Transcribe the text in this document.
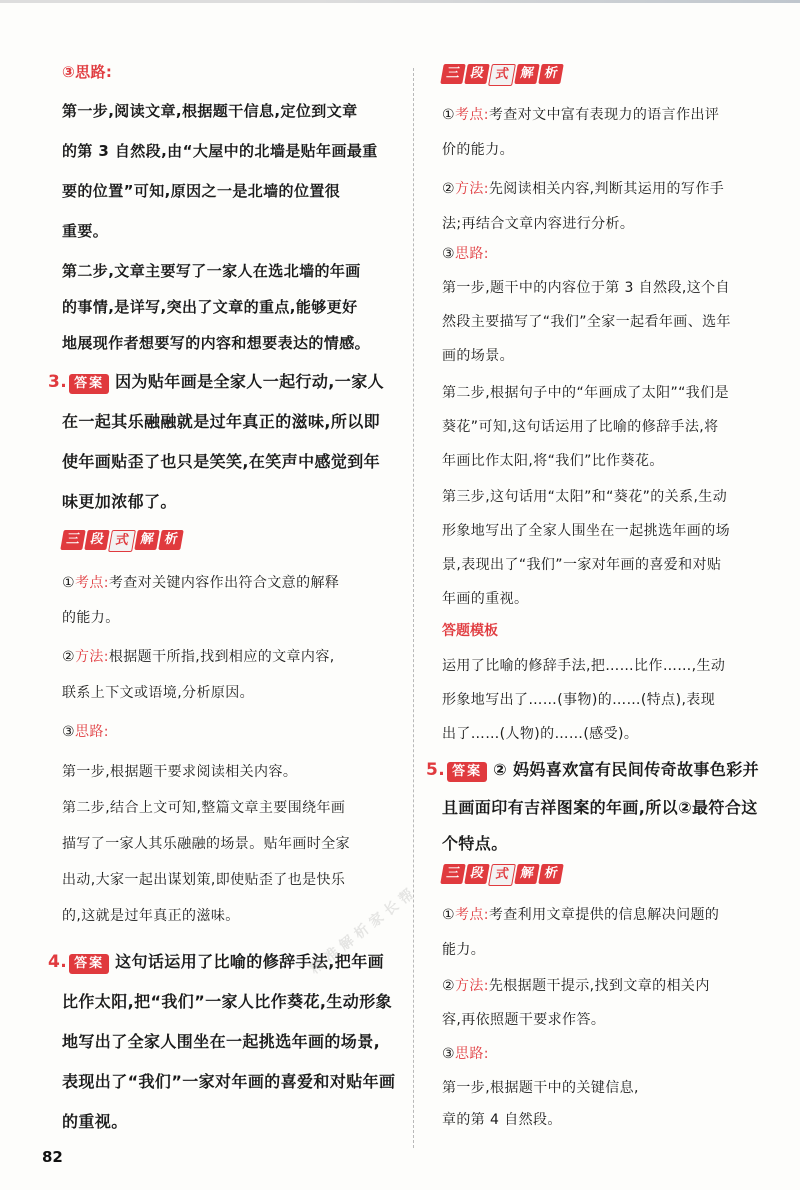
③思路:
第一步,阅读文章,根据题干信息,定位到文章
的第 3 自然段,由“大屋中的北墙是贴年画最重
要的位置”可知,原因之一是北墙的位置很
重要。
第二步,文章主要写了一家人在选北墙的年画
的事情,是详写,突出了文章的重点,能够更好
地展现作者想要写的内容和想要表达的情感。
3. 答案 因为贴年画是全家人一起行动,一家人
在一起其乐融融就是过年真正的滋味,所以即
使年画贴歪了也只是笑笑,在笑声中感觉到年
味更加浓郁了。
三 段 式 解 析
①考点:考查对关键内容作出符合文意的解释
的能力。
②方法:根据题干所指,找到相应的文章内容,
联系上下文或语境,分析原因。
③思路:
第一步,根据题干要求阅读相关内容。
第二步,结合上文可知,整篇文章主要围绕年画
描写了一家人其乐融融的场景。贴年画时全家
出动,大家一起出谋划策,即使贴歪了也是快乐
的,这就是过年真正的滋味。
4. 答案 这句话运用了比喻的修辞手法,把年画
比作太阳,把“我们”一家人比作葵花,生动形象
地写出了全家人围坐在一起挑选年画的场景,
表现出了“我们”一家对年画的喜爱和对贴年画
的重视。
三 段 式 解 析
①考点:考查对文中富有表现力的语言作出评
价的能力。
②方法:先阅读相关内容,判断其运用的写作手
法;再结合文章内容进行分析。
③思路:
第一步,题干中的内容位于第 3 自然段,这个自
然段主要描写了“我们”全家一起看年画、选年
画的场景。
第二步,根据句子中的“年画成了太阳”“我们是
葵花”可知,这句话运用了比喻的修辞手法,将
年画比作太阳,将“我们”比作葵花。
第三步,这句话用“太阳”和“葵花”的关系,生动
形象地写出了全家人围坐在一起挑选年画的场
景,表现出了“我们”一家对年画的喜爱和对贴
年画的重视。
答题模板
运用了比喻的修辞手法,把……比作……,生动
形象地写出了……(事物)的……(特点),表现
出了……(人物)的……(感受)。
5. 答案 ② 妈妈喜欢富有民间传奇故事色彩并
且画面印有吉祥图案的年画,所以②最符合这
个特点。
三 段 式 解 析
①考点:考查利用文章提供的信息解决问题的
能力。
②方法:先根据题干提示,找到文章的相关内
容,再依照题干要求作答。
③思路:
第一步,根据题干中的关键信息,
章的第 4 自然段。
精 准 解 析 家 长 帮
82
